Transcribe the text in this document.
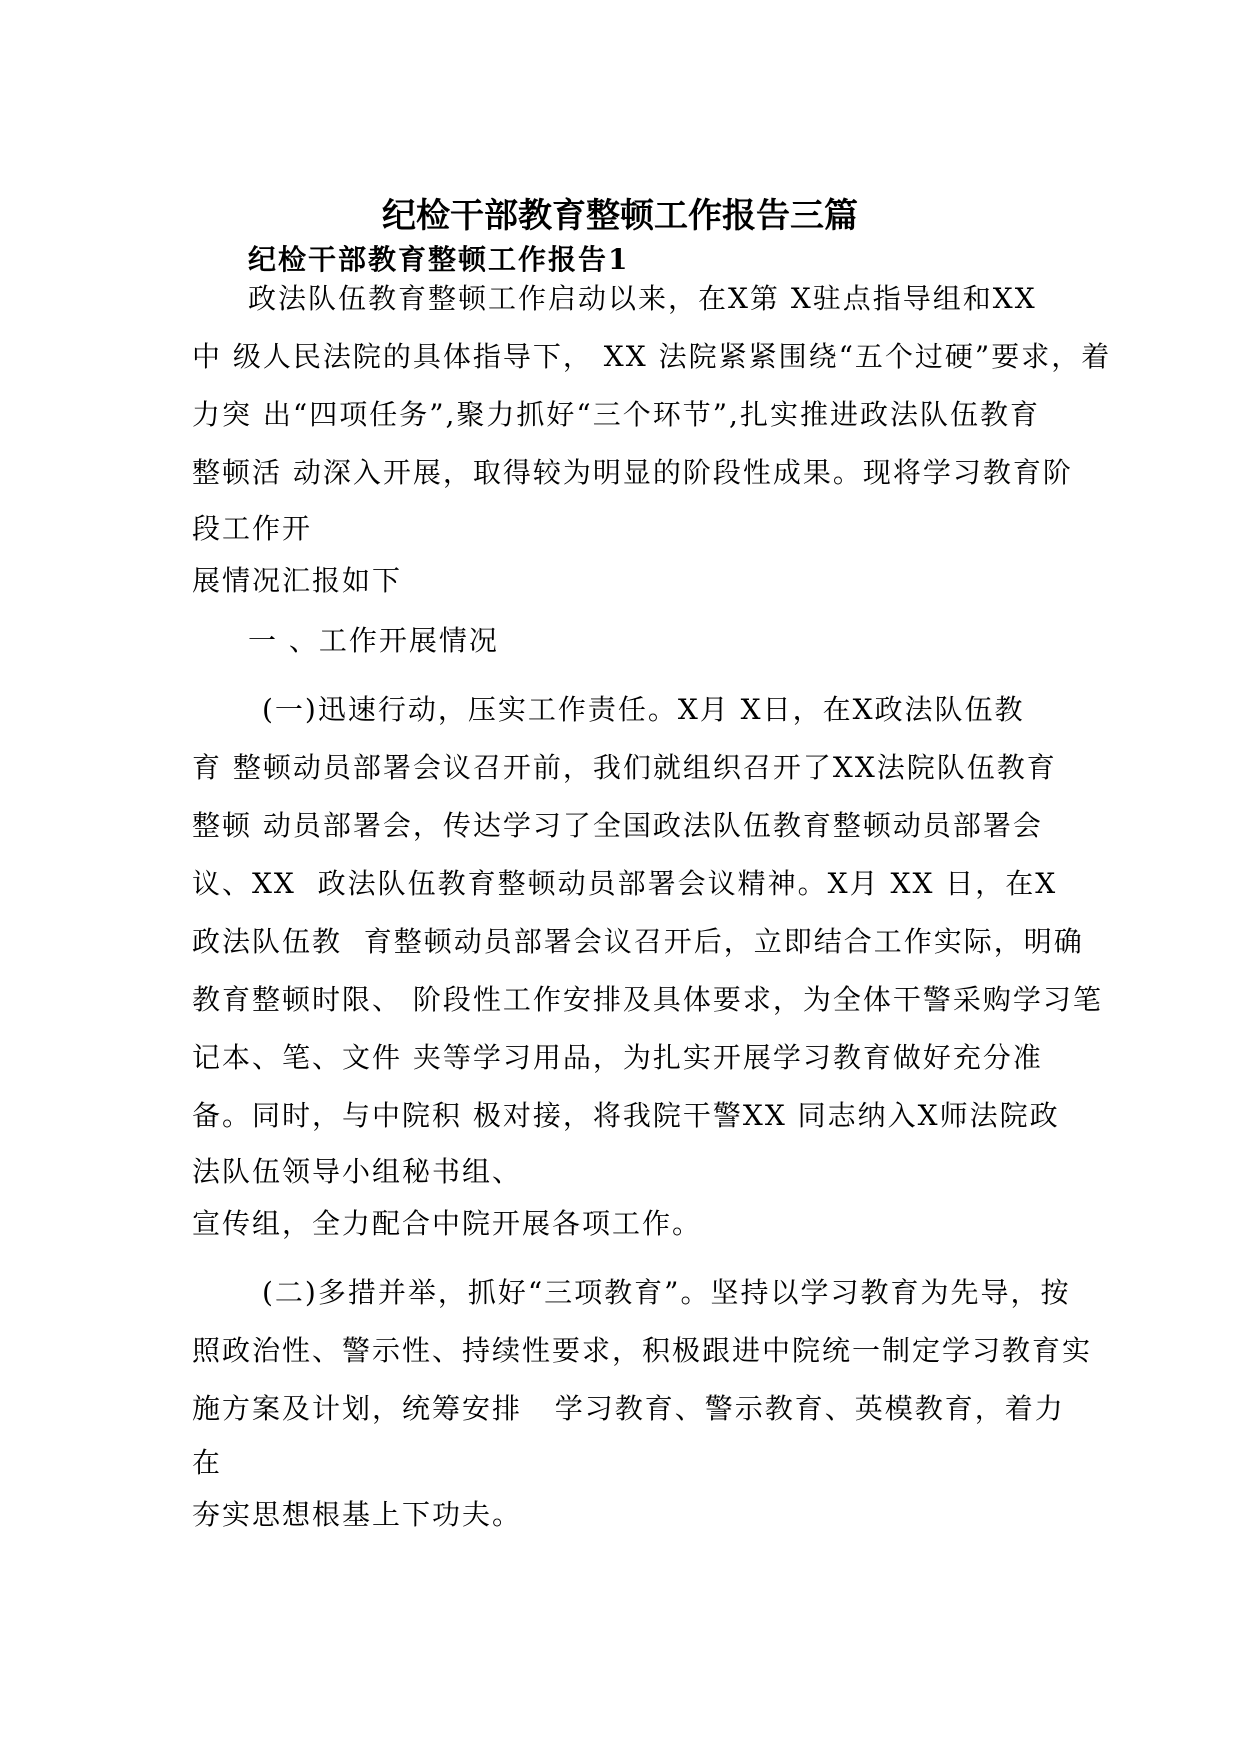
纪检干部教育整顿工作报告三篇
纪检干部教育整顿工作报告1
政法队伍教育整顿工作启动以来，在X第 X驻点指导组和XX
中 级人民法院的具体指导下， XX 法院紧紧围绕“五个过硬”要求，着
力突 出“四项任务”,聚力抓好“三个环节”,扎实推进政法队伍教育
整顿活 动深入开展，取得较为明显的阶段性成果。现将学习教育阶
段工作开
展情况汇报如下
一 、工作开展情况
(一)迅速行动，压实工作责任。X月 X日，在X政法队伍教
育 整顿动员部署会议召开前，我们就组织召开了XX法院队伍教育
整顿 动员部署会，传达学习了全国政法队伍教育整顿动员部署会
议、XX  政法队伍教育整顿动员部署会议精神。X月 XX 日，在X
政法队伍教  育整顿动员部署会议召开后，立即结合工作实际，明确
教育整顿时限、 阶段性工作安排及具体要求，为全体干警采购学习笔
记本、笔、文件 夹等学习用品，为扎实开展学习教育做好充分准
备。同时，与中院积 极对接，将我院干警XX 同志纳入X师法院政
法队伍领导小组秘书组、
宣传组，全力配合中院开展各项工作。
(二)多措并举，抓好“三项教育”。坚持以学习教育为先导，按
照政治性、警示性、持续性要求，积极跟进中院统一制定学习教育实
施方案及计划，统筹安排   学习教育、警示教育、英模教育，着力
在
夯实思想根基上下功夫。
